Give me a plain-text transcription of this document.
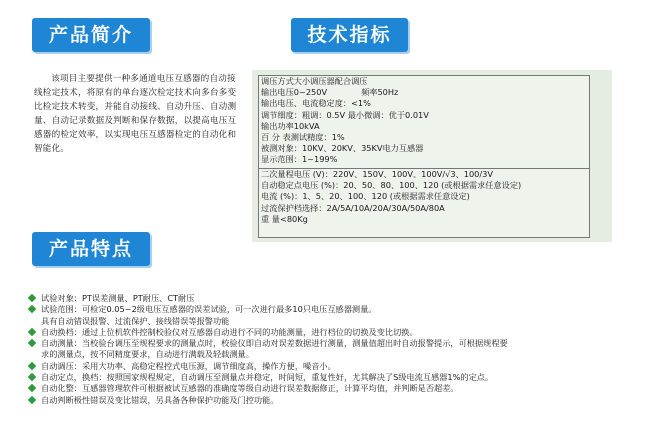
产品简介	技术指标
产品特点
该项目主要提供一种多通道电压互感器的自动接线检定技术，将原有的单台逐次检定技术向多台多变比检定技术转变，并能自动接线、自动升压、自动测量、自动记录数据及判断和保存数据，以提高电压互感器的检定效率，以实现电压互感器检定的自动化和智能化。
调压方式大小调压器配合调压
输出电压0~250V	频率50Hz
输出电压、电流稳定度：<1%
调节细度：粗调：0.5V 最小微调：优于0.01V
输出功率10kVA
百 分 表测试精度：1%
被测对象：10KV、20KV、35KV电力互感器
显示范围：1~199%
二次量程电压 (V)：220V、150V、100V、100V/√3、100/3V
自动稳定点电压 (%)：20、50、80、100、120 (或根据需求任意设定)
电流 (%)：1、5、20、100、120 (或根据需求任意设定)
过流保护档选择：2A/5A/10A/20A/30A/50A/80A
重 量<80Kg
试验对象：PT误差测量、PT耐压、CT耐压
试验范围：可检定0.05~2级电压互感器的误差试验，可一次进行最多10只电压互感器测量。
具有自动错误报警、过流保护、接线错误等报警功能
自动换档：通过上位机软件控制校验仪对互感器自动进行不同的功能测量，进行档位的切换及变比切换。
自动测量：当校验台调压至规程要求的测量点时，校验仪即自动对误差数据进行测量，测量值超出时自动报警提示，可根据规程要
求的测量点，按不同精度要求，自动进行满载及轻载测量。
自动调压：采用大功率、高稳定程控式电压源，调节细度高，操作方便，噪音小。
自动定点，换档：按照国家规程规定，自动调压至测量点并稳定，时间短，重复性好，尤其解决了S级电流互感器1%的定点。
自动化整：互感器管理软件可根据被试互感器的准确度等级自动进行误差数据修正，计算平均值，并判断是否超差。
自动判断极性错误及变比错误，另具备各种保护功能及门控功能。
